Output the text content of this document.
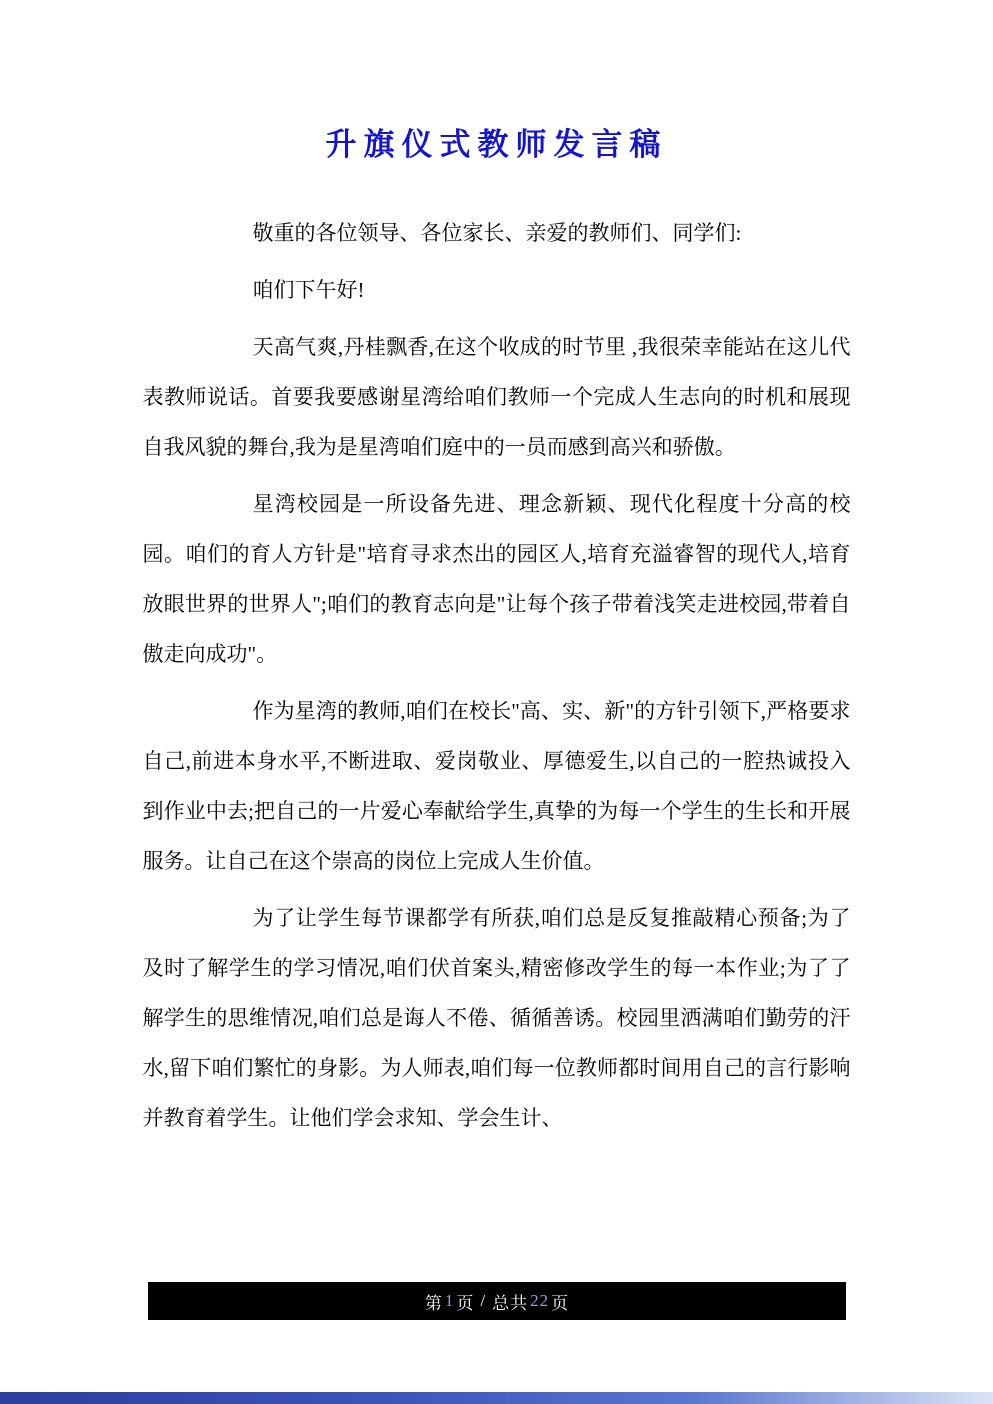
升旗仪式教师发言稿

敬重的各位领导、各位家长、亲爱的教师们、同学们:

咱们下午好!

天高气爽,丹桂飘香,在这个收成的时节里 ,我很荣幸能站在这儿代表教师说话。首要我要感谢星湾给咱们教师一个完成人生志向的时机和展现自我风貌的舞台,我为是星湾咱们庭中的一员而感到高兴和骄傲。

星湾校园是一所设备先进、理念新颖、现代化程度十分高的校园。咱们的育人方针是"培育寻求杰出的园区人,培育充溢睿智的现代人,培育放眼世界的世界人";咱们的教育志向是"让每个孩子带着浅笑走进校园,带着自傲走向成功"。

作为星湾的教师,咱们在校长"高、实、新"的方针引领下,严格要求自己,前进本身水平,不断进取、爱岗敬业、厚德爱生,以自己的一腔热诚投入到作业中去;把自己的一片爱心奉献给学生,真挚的为每一个学生的生长和开展服务。让自己在这个崇高的岗位上完成人生价值。

为了让学生每节课都学有所获,咱们总是反复推敲精心预备;为了及时了解学生的学习情况,咱们伏首案头,精密修改学生的每一本作业;为了了解学生的思维情况,咱们总是诲人不倦、循循善诱。校园里洒满咱们勤劳的汗水,留下咱们繁忙的身影。为人师表,咱们每一位教师都时间用自己的言行影响并教育着学生。让他们学会求知、学会生计、

第 1 页 / 总共 22 页
